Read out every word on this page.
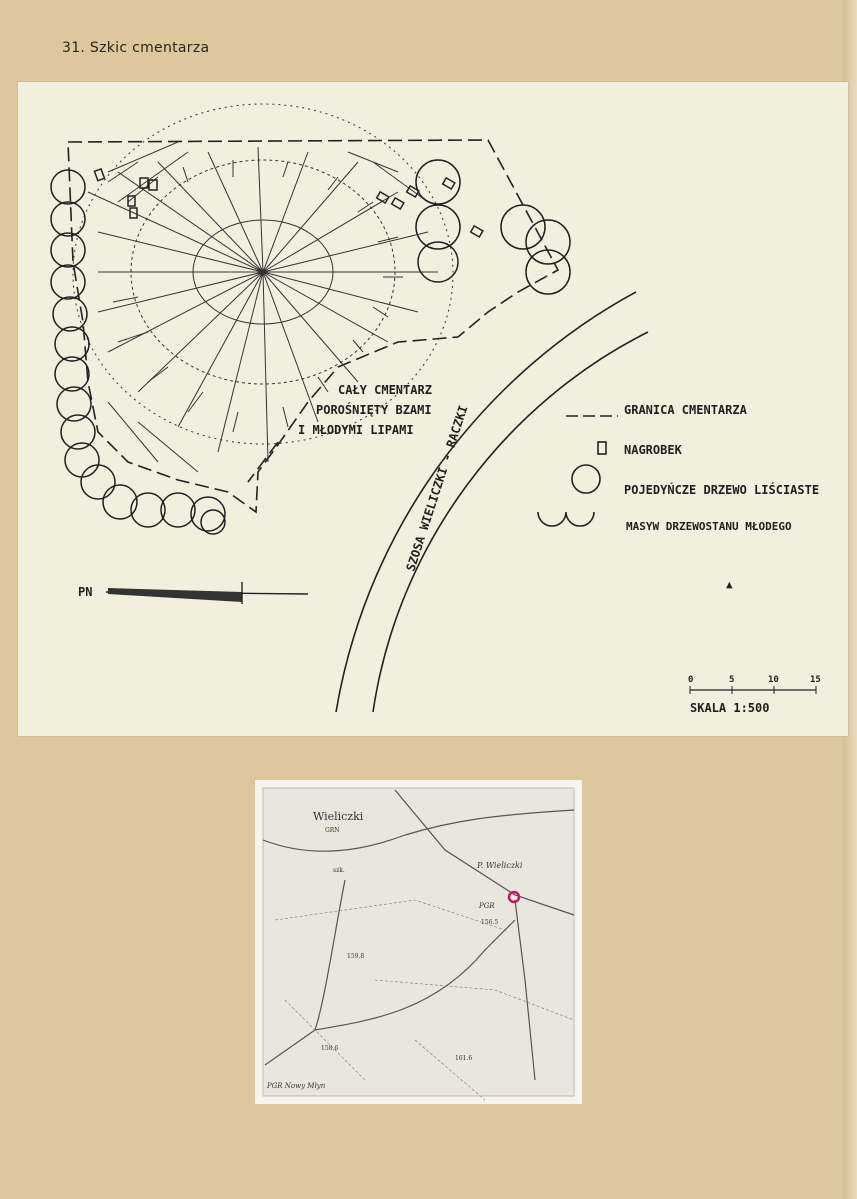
31. Szkic cmentarza
SZOSA WIELICZKI - RACZKI
CAŁY CMENTARZ
POROŚNIĘTY BZAMI
I MŁODYMI LIPAMI
PN
GRANICA CMENTARZA
NAGROBEK
POJEDYŃCZE DRZEWO LIŚCIASTE
MASYW DRZEWOSTANU MŁODEGO
0	5	10	15
SKALA 1:500
▲
Wieliczki
GRN
P. Wieliczki
PGR
156.5
159.8
158.6
161.6
PGR Nowy Młyn
szk.
